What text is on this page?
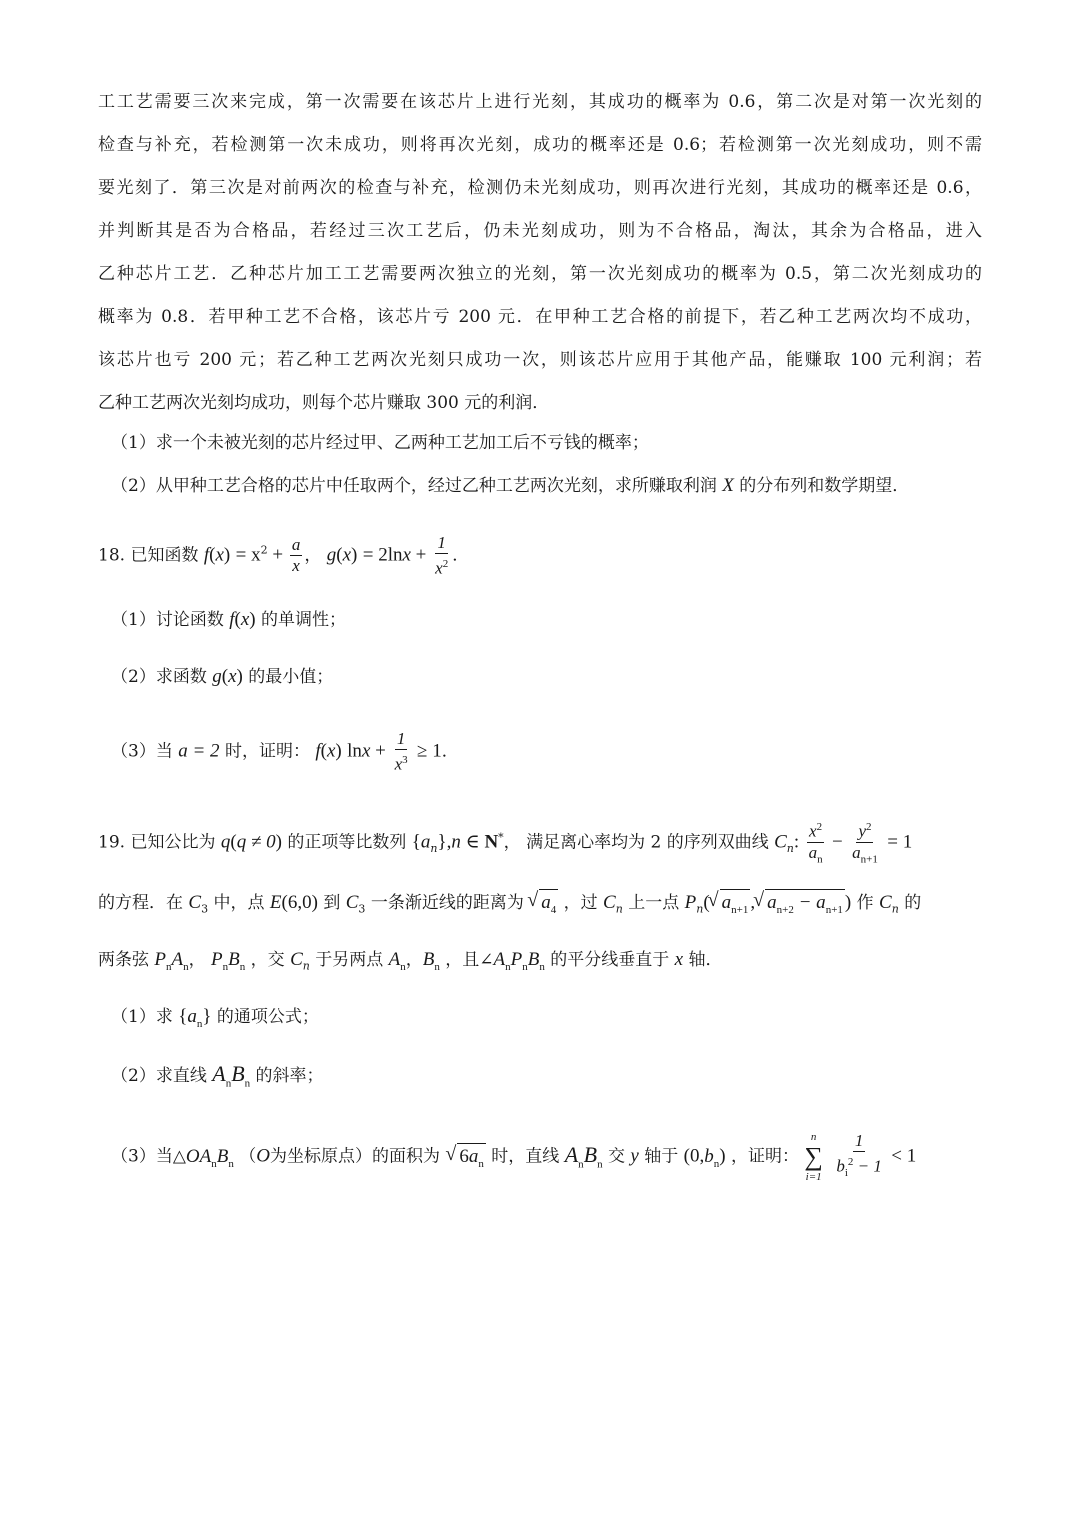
工工艺需要三次来完成，第一次需要在该芯片上进行光刻，其成功的概率为 0.6，第二次是对第一次光刻的
检查与补充，若检测第一次未成功，则将再次光刻，成功的概率还是 0.6；若检测第一次光刻成功，则不需
要光刻了．第三次是对前两次的检查与补充，检测仍未光刻成功，则再次进行光刻，其成功的概率还是 0.6，
并判断其是否为合格品，若经过三次工艺后，仍未光刻成功，则为不合格品，淘汰，其余为合格品，进入
乙种芯片工艺．乙种芯片加工工艺需要两次独立的光刻，第一次光刻成功的概率为 0.5，第二次光刻成功的
概率为 0.8．若甲种工艺不合格，该芯片亏 200 元．在甲种工艺合格的前提下，若乙种工艺两次均不成功，
该芯片也亏 200 元；若乙种工艺两次光刻只成功一次，则该芯片应用于其他产品，能赚取 100 元利润；若
乙种工艺两次光刻均成功，则每个芯片赚取 300 元的利润．
（1）求一个未被光刻的芯片经过甲、乙两种工艺加工后不亏钱的概率；
（2）从甲种工艺合格的芯片中任取两个，经过乙种工艺两次光刻，求所赚取利润 X 的分布列和数学期望．
18. 已知函数 $f(x) = x^2 + \frac{a}{x}$ ， $g(x) = 2\ln x + \frac{1}{x^2}$ ．
（1）讨论函数 f(x) 的单调性；
（2）求函数 g(x) 的最小值；
（3）当 a = 2 时，证明： f(x) $\ln x + \frac{1}{x^3} \ge 1$．
19. 已知公比为 q(q ≠ 0) 的正项等比数列 $\{a_n\},n$ ∈ N*， 满足离心率均为 2 的序列双曲线 $C_n$: $\frac{x^2}{a_n} - \frac{y^2}{a_{n+1}} = 1$
的方程．在 $C_3$ 中，点 E(6,0) 到 $C_3$ 一条渐近线的距离为 √ $a_4$ ，过 $C_n$ 上一点 $P_n(√$ $a_{n+1}$ ,√ $a_{n+2} - a_{n+1}$ ) 作 $C_n$ 的
两条弦 $P_nA_n$， $P_nB_n$ ，交 $C_n$ 于另两点 $A_n$，$B_n$ ，且$\angle A_nP_nB_n$ 的平分线垂直于 x 轴．
（1）求 $\{a_n\}$ 的通项公式；
（2）求直线 $A_nB_n$ 的斜率；
（3）当$\triangle OA_nB_n$ （O为坐标原点）的面积为 √ $6a_n$ 时，直线 $A_nB_n$ 交 y 轴于 $(0,b_n)$ ，证明：
n
∑
i=1
$\frac{1}{b_i^2 - 1} < 1$
